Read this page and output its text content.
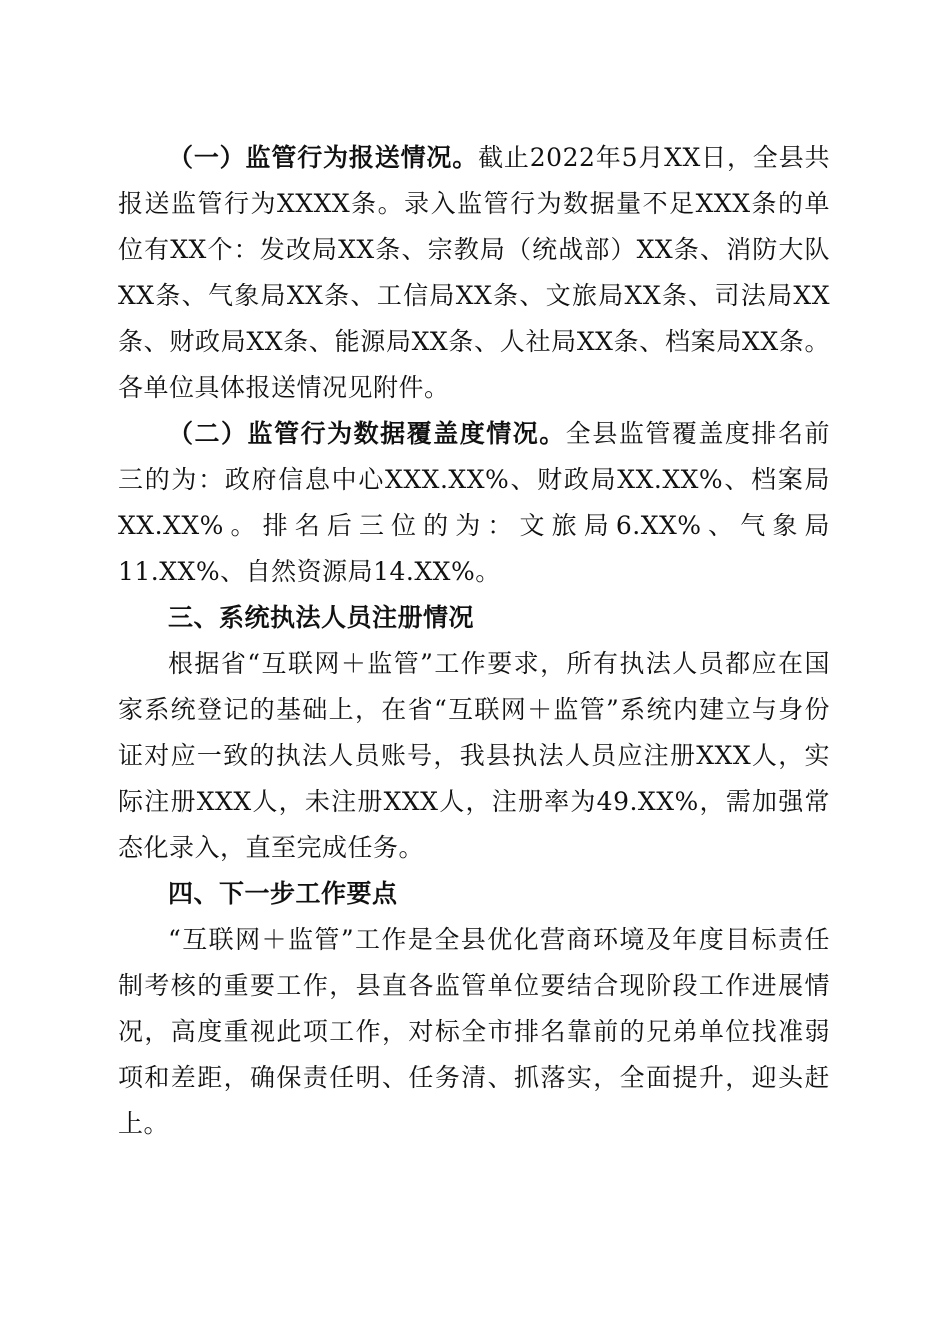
（一）监管行为报送情况。截止2022年5月XX日，全县共报送监管行为XXXX条。录入监管行为数据量不足XXX条的单位有XX个：发改局XX条、宗教局（统战部）XX条、消防大队XX条、气象局XX条、工信局XX条、文旅局XX条、司法局XX条、财政局XX条、能源局XX条、人社局XX条、档案局XX条。各单位具体报送情况见附件。

（二）监管行为数据覆盖度情况。全县监管覆盖度排名前三的为：政府信息中心XXX.XX%、财政局XX.XX%、档案局XX.XX%。排名后三位的为：文旅局6.XX%、气象局11.XX%、自然资源局14.XX%。

三、系统执法人员注册情况

根据省“互联网＋监管”工作要求，所有执法人员都应在国家系统登记的基础上，在省“互联网＋监管”系统内建立与身份证对应一致的执法人员账号，我县执法人员应注册XXX人，实际注册XXX人，未注册XXX人，注册率为49.XX%，需加强常态化录入，直至完成任务。

四、下一步工作要点

“互联网＋监管”工作是全县优化营商环境及年度目标责任制考核的重要工作，县直各监管单位要结合现阶段工作进展情况，高度重视此项工作，对标全市排名靠前的兄弟单位找准弱项和差距，确保责任明、任务清、抓落实，全面提升，迎头赶上。
